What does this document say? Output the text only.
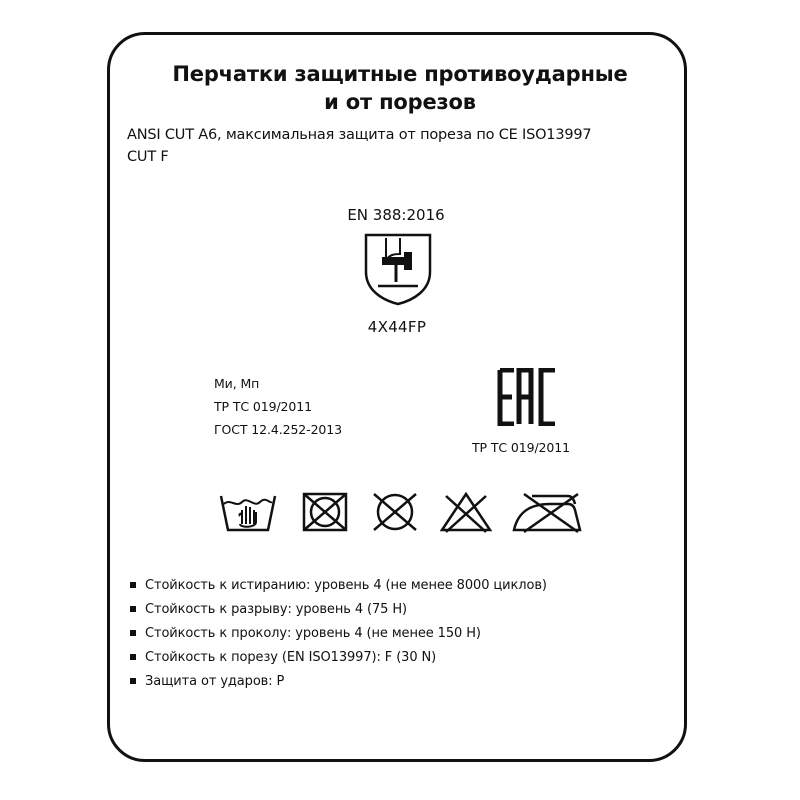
Перчатки защитные противоударные
и от порезов
ANSI CUT A6, максимальная защита от пореза по CE ISO13997
CUT F
EN 388:2016
4X44FP
Ми, Мп
ТР ТС 019/2011
ГОСТ 12.4.252-2013
ТР ТС 019/2011
Стойкость к истиранию: уровень 4 (не менее 8000 циклов)
Стойкость к разрыву: уровень 4 (75 Н)
Стойкость к проколу: уровень 4 (не менее 150 Н)
Стойкость к порезу (EN ISO13997): F (30 N)
Защита от ударов: P
